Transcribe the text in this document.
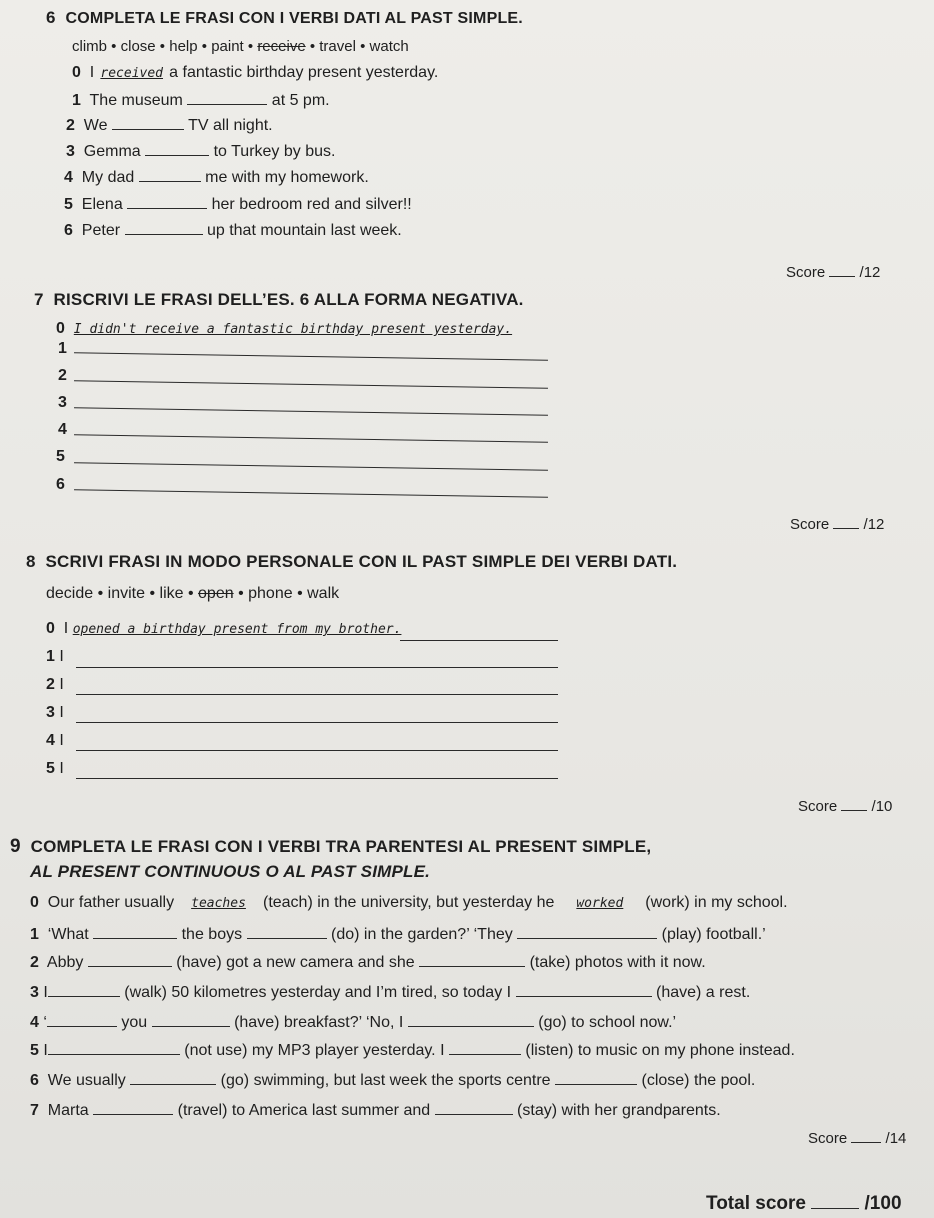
6 COMPLETA LE FRASI CON I VERBI DATI AL PAST SIMPLE.
climb • close • help • paint • receive • travel • watch
0 I received a fantastic birthday present yesterday.
1 The museum	at 5 pm.
2 We	TV all night.
3 Gemma	to Turkey by bus.
4 My dad	me with my homework.
5 Elena	her bedroom red and silver!!
6 Peter	up that mountain last week.
Score /12
7 RISCRIVI LE FRASI DELL’ES. 6 ALLA FORMA NEGATIVA.
0 I didn't receive a fantastic birthday present yesterday.
1
2
3
4
5
6
Score /12
8 SCRIVI FRASI IN MODO PERSONALE CON IL PAST SIMPLE DEI VERBI DATI.
decide • invite • like • open • phone • walk
0 I opened a birthday present from my brother.
1 I
2 I
3 I
4 I
5 I
Score /10
9 COMPLETA LE FRASI CON I VERBI TRA PARENTESI AL PRESENT SIMPLE,
AL PRESENT CONTINUOUS O AL PAST SIMPLE.
0 Our father usually teaches (teach) in the university, but yesterday he worked (work) in my school.
1 ‘What	the boys	(do) in the garden?’ ‘They	(play) football.’
2 Abby	(have) got a new camera and she	(take) photos with it now.
3 I	(walk) 50 kilometres yesterday and I’m tired, so today I	(have) a rest.
4 ‘	you	(have) breakfast?’ ‘No, I	(go) to school now.’
5 I	(not use) my MP3 player yesterday. I	(listen) to music on my phone instead.
6 We usually	(go) swimming, but last week the sports centre	(close) the pool.
7 Marta	(travel) to America last summer and	(stay) with her grandparents.
Score	/14
Total score	/100
